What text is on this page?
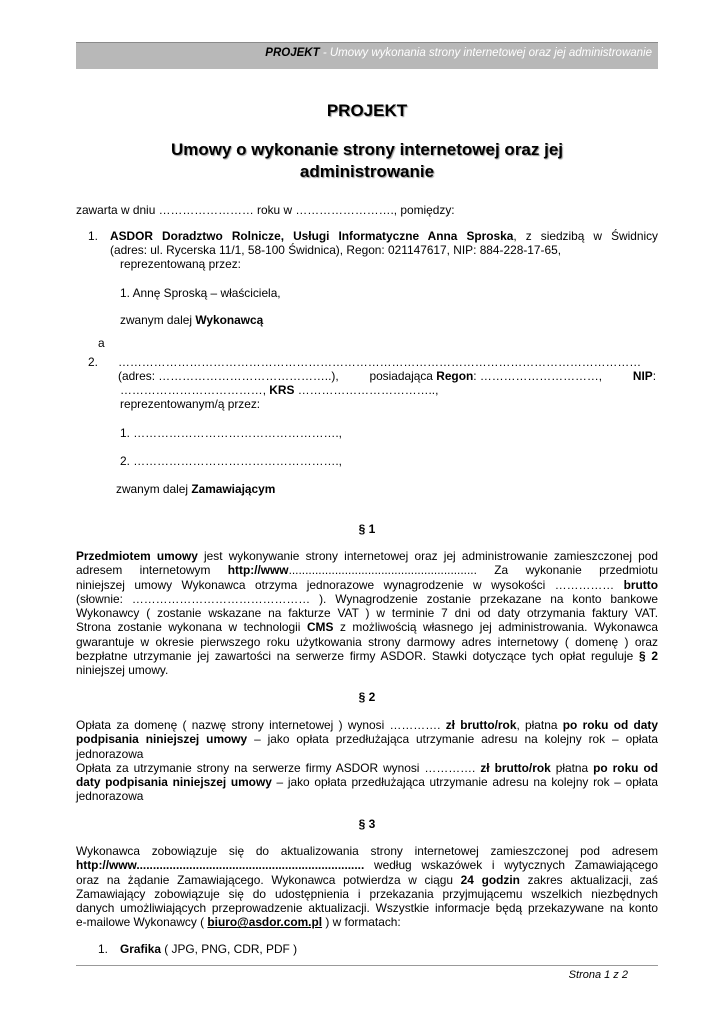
PROJEKT - Umowy wykonania strony internetowej oraz jej administrowanie
PROJEKT
Umowy o wykonanie strony internetowej oraz jej
administrowanie
zawarta w dniu …………………… roku w ……………………., pomiędzy:
1. ASDOR Doradztwo Rolnicze, Usługi Informatyczne Anna Sproska, z siedzibą w Świdnicy
(adres: ul. Rycerska 11/1, 58-100 Świdnica), Regon: 021147617, NIP: 884-228-17-65,
reprezentowaną przez:
1. Annę Sproską – właściciela,
zwanym dalej Wykonawcą
a
2. ……………………………………………………………………………………………………………………
(adres: ……………………………………..),	posiadająca Regon: …………………………,	NIP:
………………………………, KRS ……………………………..,
reprezentowanym/ą przez:
1. …………………………………………….,
2. …………………………………………….,
zwanym dalej Zamawiającym
§ 1
Przedmiotem umowy jest wykonywanie strony internetowej oraz jej administrowanie zamieszczonej pod
adresem internetowym http://www......................................................... Za wykonanie przedmiotu
niniejszej umowy Wykonawca otrzyma jednorazowe wynagrodzenie w wysokości …………… brutto
(słownie: ……………………………………… ). Wynagrodzenie zostanie przekazane na konto bankowe
Wykonawcy ( zostanie wskazane na fakturze VAT ) w terminie 7 dni od daty otrzymania faktury VAT.
Strona zostanie wykonana w technologii CMS z możliwością własnego jej administrowania. Wykonawca
gwarantuje w okresie pierwszego roku użytkowania strony darmowy adres internetowy ( domenę ) oraz
bezpłatne utrzymanie jej zawartości na serwerze firmy ASDOR. Stawki dotyczące tych opłat reguluje § 2
niniejszej umowy.
§ 2
Opłata za domenę ( nazwę strony internetowej ) wynosi …………. zł brutto/rok, płatna po roku od daty
podpisania niniejszej umowy – jako opłata przedłużająca utrzymanie adresu na kolejny rok – opłata
jednorazowa
Opłata za utrzymanie strony na serwerze firmy ASDOR wynosi …………. zł brutto/rok płatna po roku od
daty podpisania niniejszej umowy – jako opłata przedłużająca utrzymanie adresu na kolejny rok – opłata
jednorazowa
§ 3
Wykonawca zobowiązuje się do aktualizowania strony internetowej zamieszczonej pod adresem
http://www..................................................................... według wskazówek i wytycznych Zamawiającego
oraz na żądanie Zamawiającego. Wykonawca potwierdza w ciągu 24 godzin zakres aktualizacji, zaś
Zamawiający zobowiązuje się do udostępnienia i przekazania przyjmującemu wszelkich niezbędnych
danych umożliwiających przeprowadzenie aktualizacji. Wszystkie informacje będą przekazywane na konto
e-mailowe Wykonawcy ( biuro@asdor.com.pl ) w formatach:
1. Grafika ( JPG, PNG, CDR, PDF )
Strona 1 z 2
